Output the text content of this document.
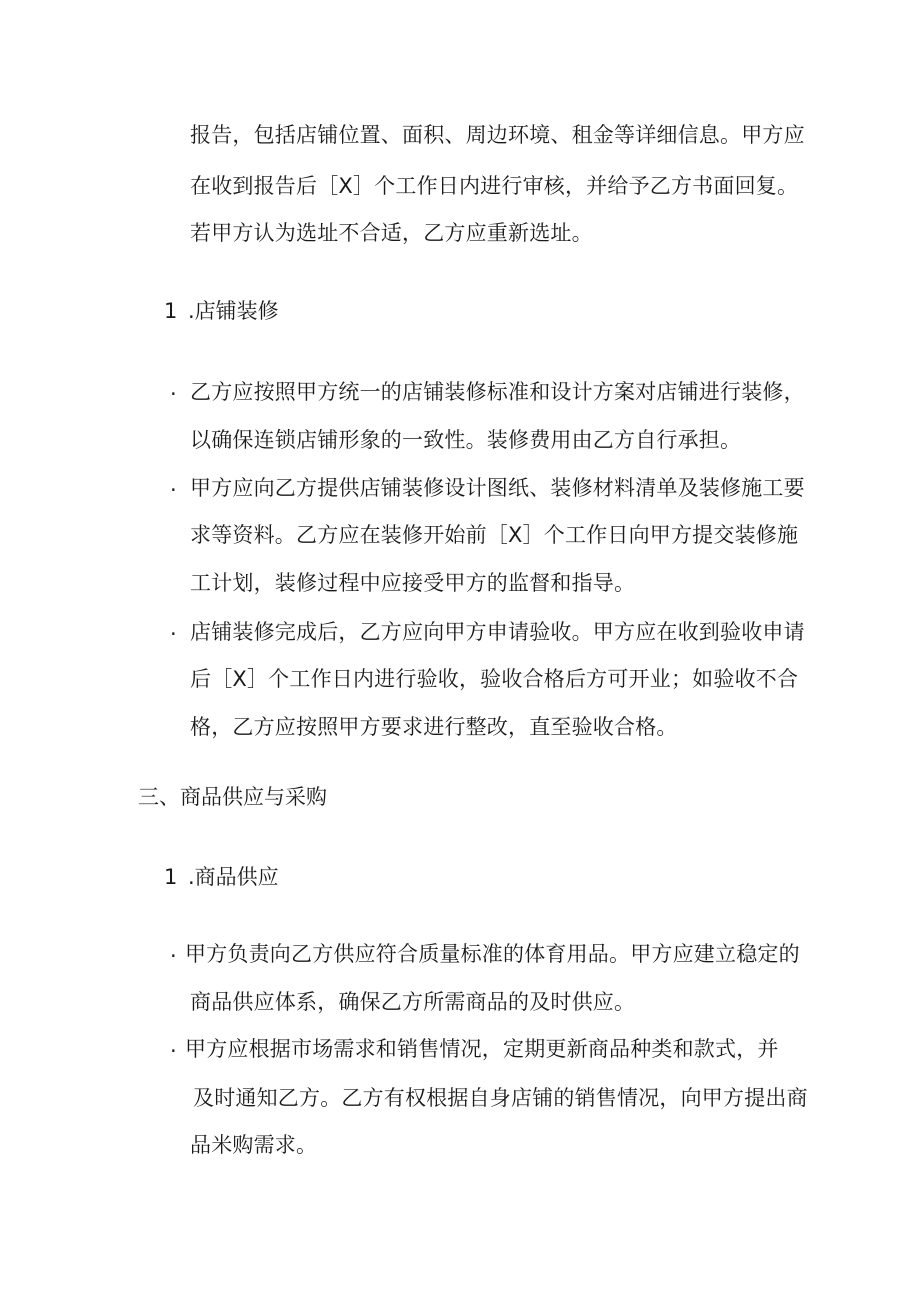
报告，包括店铺位置、面积、周边环境、租金等详细信息。甲方应
在收到报告后［X］个工作日内进行审核，并给予乙方书面回复。
若甲方认为选址不合适，乙方应重新选址。
1 .店铺装修
· 乙方应按照甲方统一的店铺装修标准和设计方案对店铺进行装修，
以确保连锁店铺形象的一致性。装修费用由乙方自行承担。
· 甲方应向乙方提供店铺装修设计图纸、装修材料清单及装修施工要
求等资料。乙方应在装修开始前［X］个工作日向甲方提交装修施
工计划，装修过程中应接受甲方的监督和指导。
· 店铺装修完成后，乙方应向甲方申请验收。甲方应在收到验收申请
后［X］个工作日内进行验收，验收合格后方可开业；如验收不合
格，乙方应按照甲方要求进行整改，直至验收合格。
三、商品供应与采购
1 .商品供应
· 甲方负责向乙方供应符合质量标准的体育用品。甲方应建立稳定的
商品供应体系，确保乙方所需商品的及时供应。
· 甲方应根据市场需求和销售情况，定期更新商品种类和款式，并
及时通知乙方。乙方有权根据自身店铺的销售情况，向甲方提出商
品米购需求。
